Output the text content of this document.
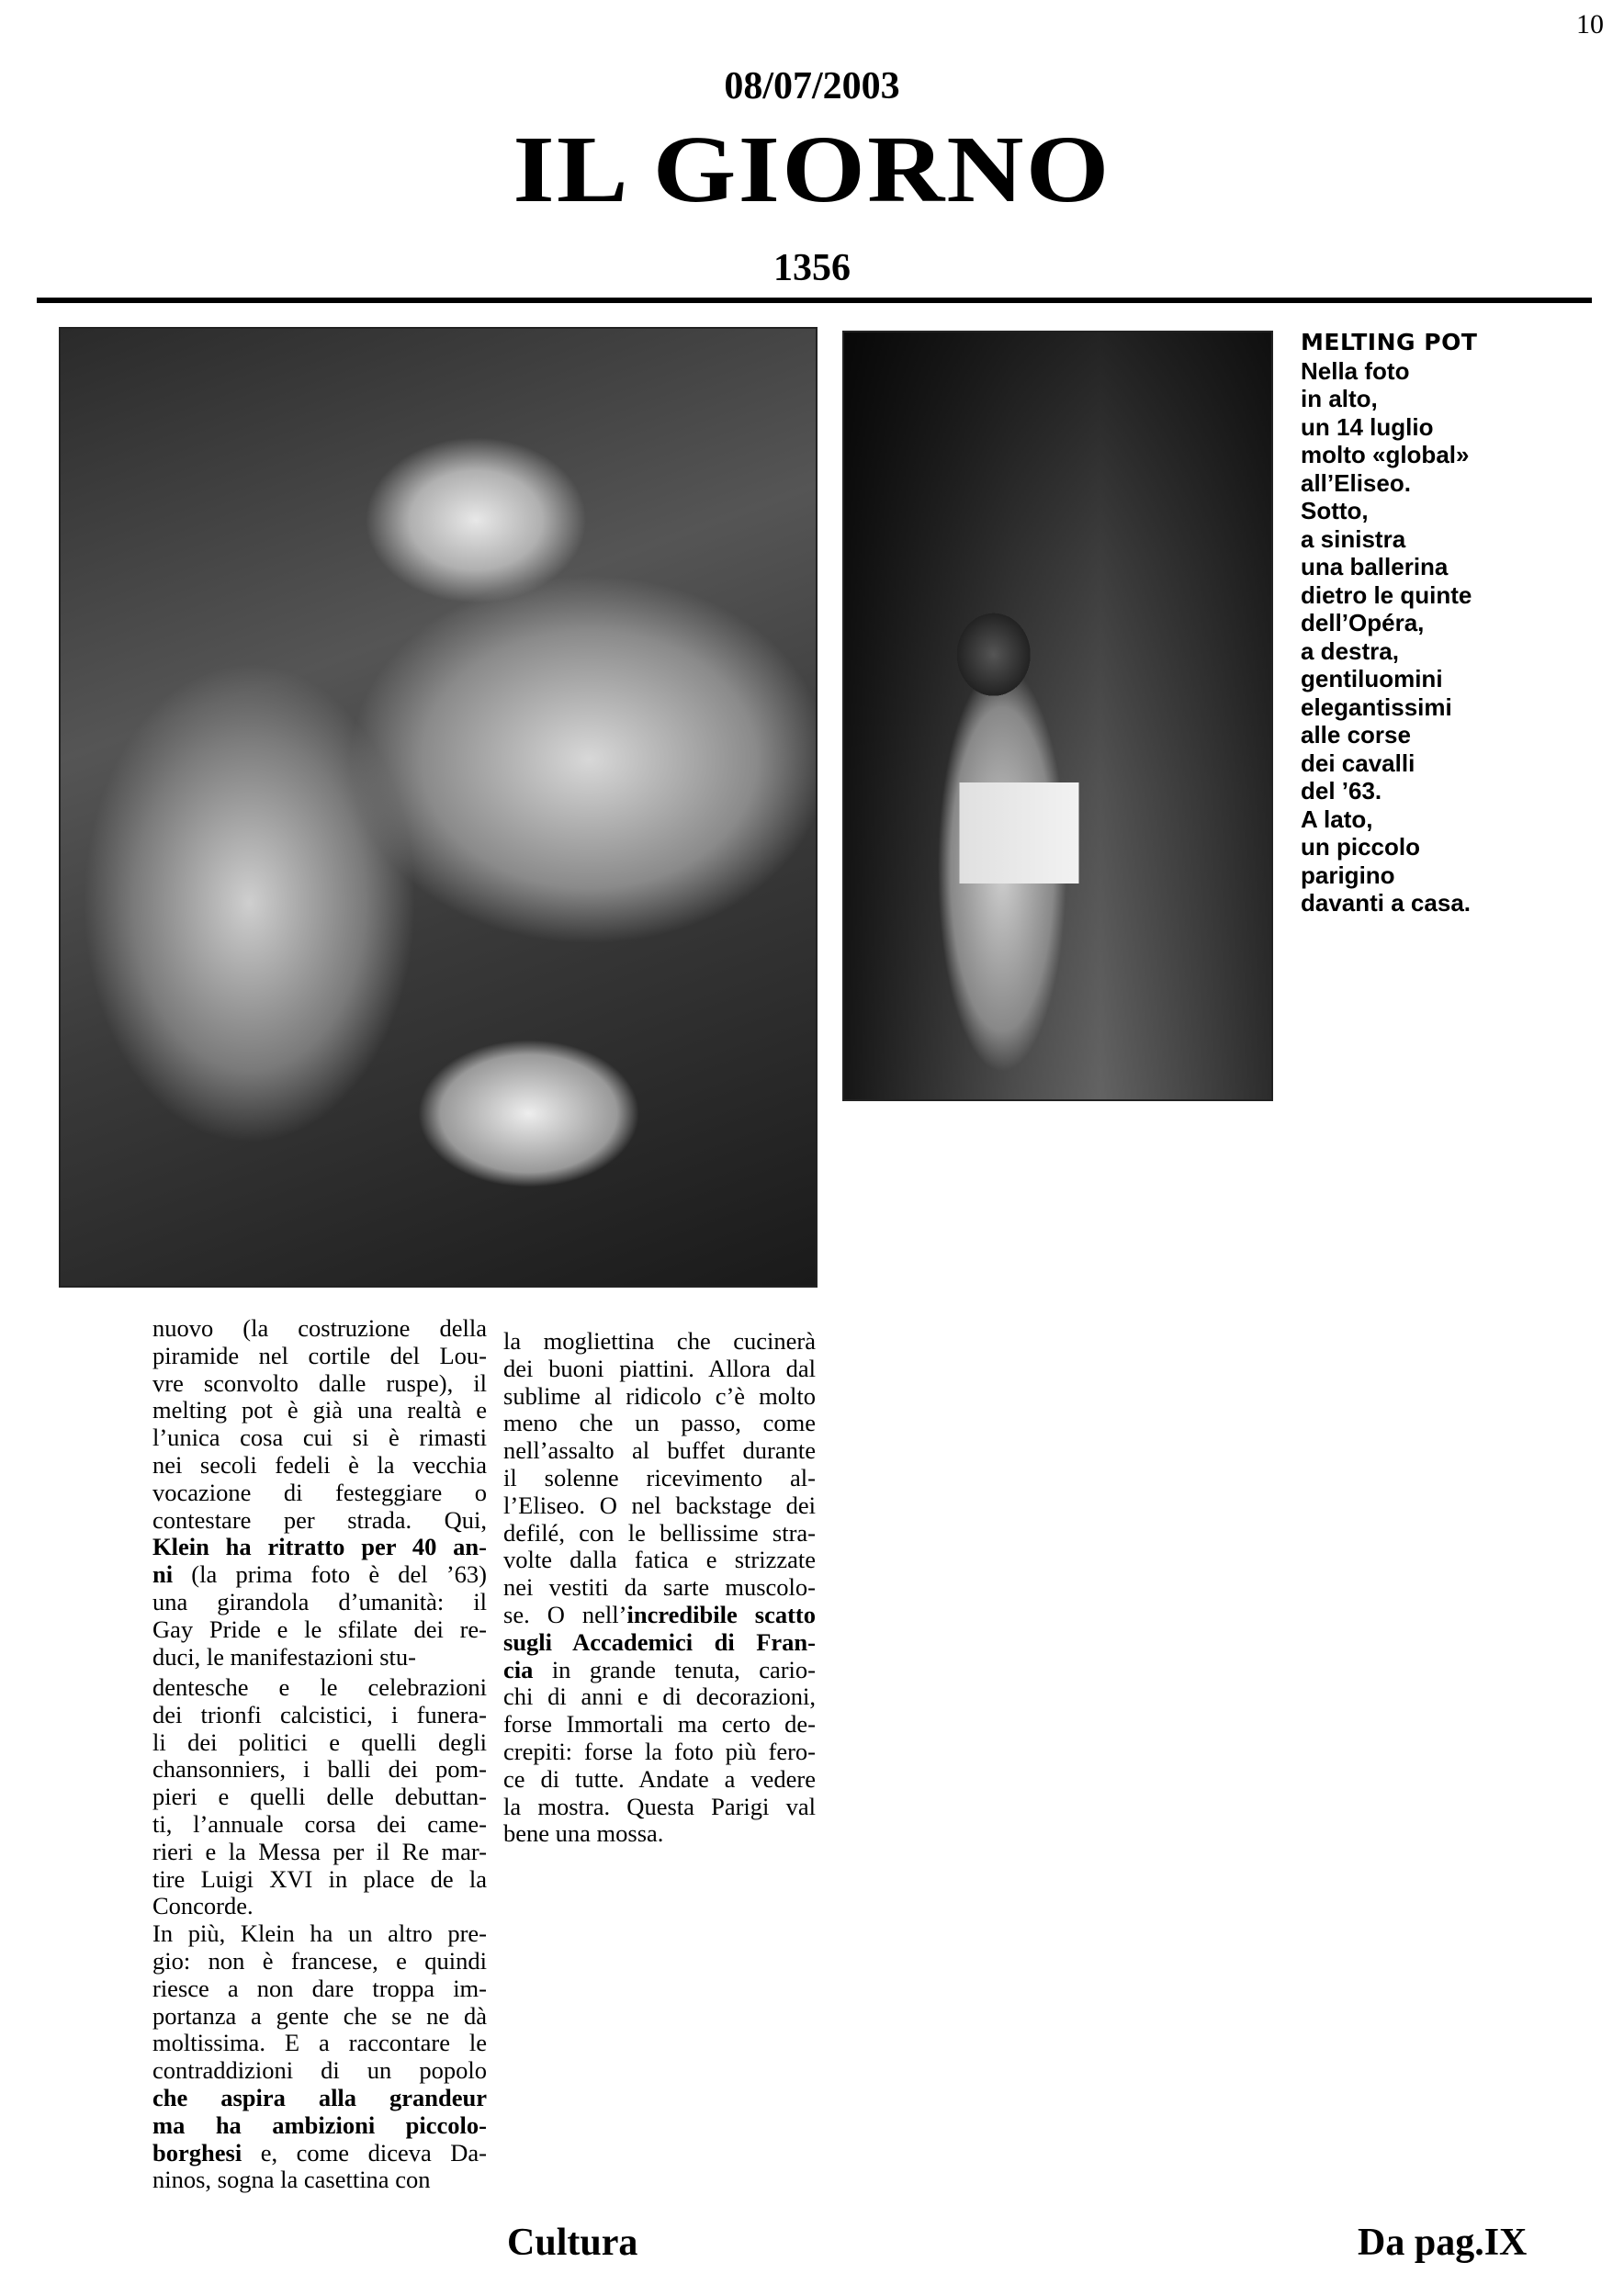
10
08/07/2003
IL GIORNO
1356
MELTING POT
Nella foto
in alto,
un 14 luglio
molto «global»
all’Eliseo.
Sotto,
a sinistra
una ballerina
dietro le quinte
dell’Opéra,
a destra,
gentiluomini
elegantissimi
alle corse
dei cavalli
del ’63.
A lato,
un piccolo
parigino
davanti a casa.
nuovo (la costruzione della
piramide nel cortile del Lou-
vre sconvolto dalle ruspe), il
melting pot è già una realtà e
l’unica cosa cui si è rimasti
nei secoli fedeli è la vecchia
vocazione di festeggiare o
contestare per strada. Qui,
Klein ha ritratto per 40 an-
ni (la prima foto è del ’63)
una girandola d’umanità: il
Gay Pride e le sfilate dei re-
duci, le manifestazioni stu-
dentesche e le celebrazioni
dei trionfi calcistici, i funera-
li dei politici e quelli degli
chansonniers, i balli dei pom-
pieri e quelli delle debuttan-
ti, l’annuale corsa dei came-
rieri e la Messa per il Re mar-
tire Luigi XVI in place de la
Concorde.
In più, Klein ha un altro pre-
gio: non è francese, e quindi
riesce a non dare troppa im-
portanza a gente che se ne dà
moltissima. E a raccontare le
contraddizioni di un popolo
che aspira alla grandeur
ma ha ambizioni piccolo-
borghesi e, come diceva Da-
ninos, sogna la casettina con
la mogliettina che cucinerà
dei buoni piattini. Allora dal
sublime al ridicolo c’è molto
meno che un passo, come
nell’assalto al buffet durante
il solenne ricevimento al-
l’Eliseo. O nel backstage dei
defilé, con le bellissime stra-
volte dalla fatica e strizzate
nei vestiti da sarte muscolo-
se. O nell’incredibile scatto
sugli Accademici di Fran-
cia in grande tenuta, cario-
chi di anni e di decorazioni,
forse Immortali ma certo de-
crepiti: forse la foto più fero-
ce di tutte. Andate a vedere
la mostra. Questa Parigi val
bene una mossa.
Cultura	Da pag.IX
